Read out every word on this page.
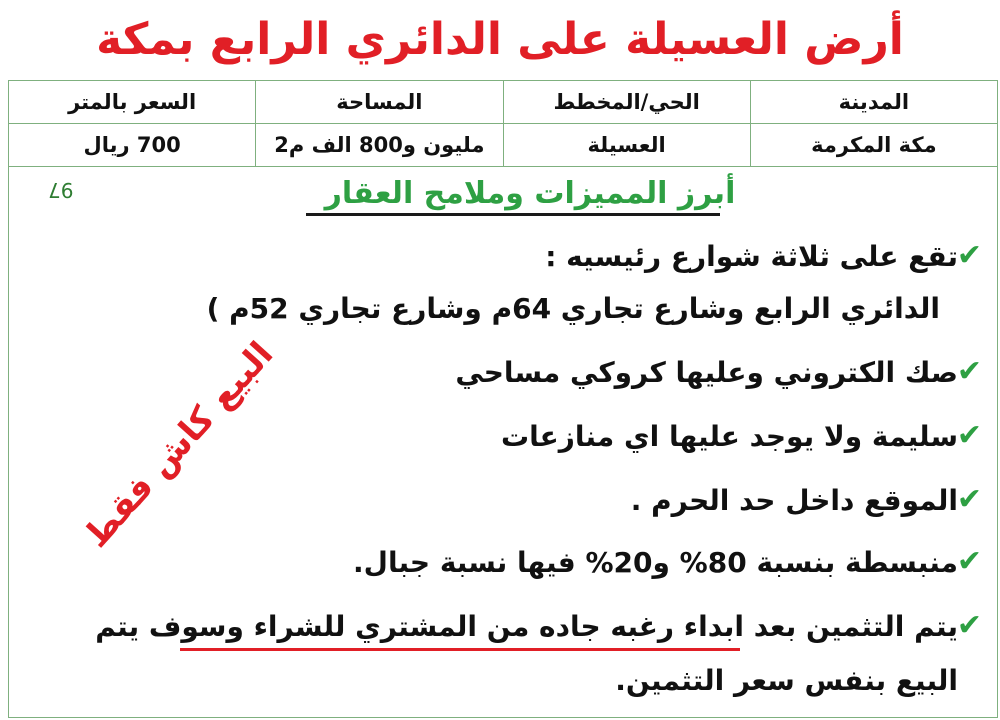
أرض العسيلة على الدائري الرابع بمكة
المدينة	الحي/المخطط	المساحة	السعر بالمتر
مكة المكرمة	العسيلة	مليون و800 الف م2	700 ريال
أبرز المميزات وملامح العقار
97
✔
تقع على ثلاثة شوارع رئيسيه :
الدائري الرابع وشارع تجاري 64م وشارع تجاري 52م )
✔
صك الكتروني وعليها كروكي مساحي
✔
سليمة ولا يوجد عليها اي منازعات
✔
الموقع داخل حد الحرم .
✔
منبسطة بنسبة 80% و20% فيها نسبة جبال.
✔
يتم التثمين بعد ابداء رغبه جاده من المشتري للشراء وسوف يتم
البيع بنفس سعر التثمين.
البيع كاش فقط
